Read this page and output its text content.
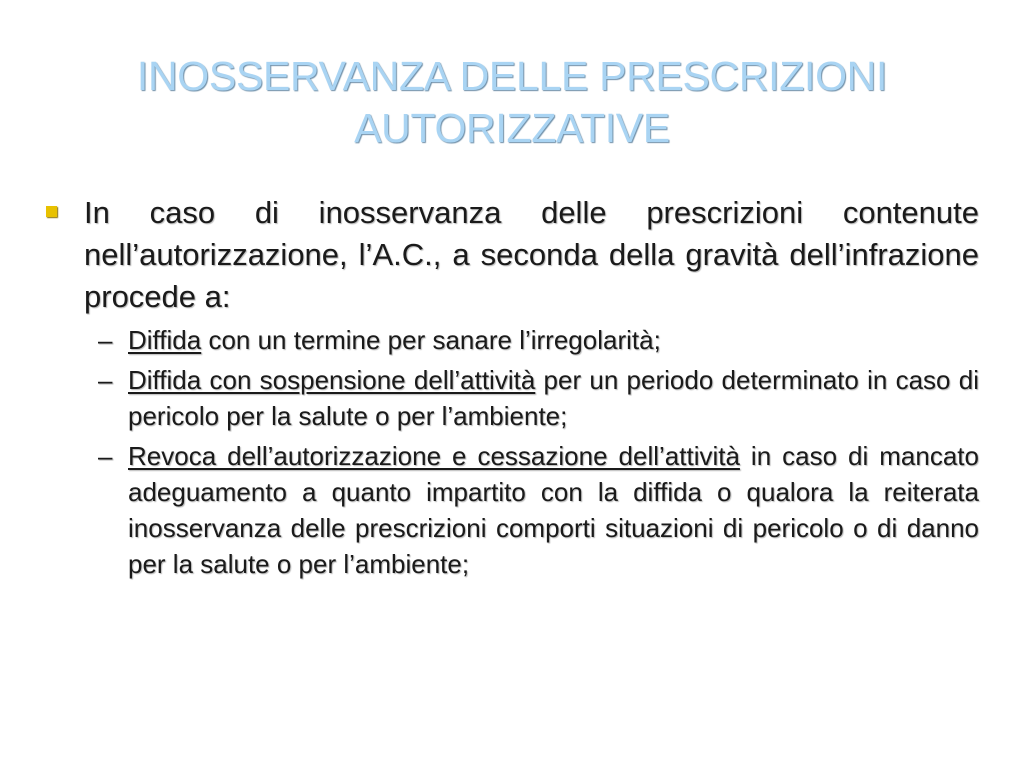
INOSSERVANZA DELLE PRESCRIZIONI AUTORIZZATIVE
In caso di inosservanza delle prescrizioni contenute nell’autorizzazione, l’A.C., a seconda della gravità dell’infrazione procede a:
– Diffida con un termine per sanare l’irregolarità;
– Diffida con sospensione dell’attività per un periodo determinato in caso di pericolo per la salute o per l’ambiente;
– Revoca dell’autorizzazione e cessazione dell’attività in caso di mancato adeguamento a quanto impartito con la diffida o qualora la reiterata inosservanza delle prescrizioni comporti situazioni di pericolo o di danno per la salute o per l’ambiente;
